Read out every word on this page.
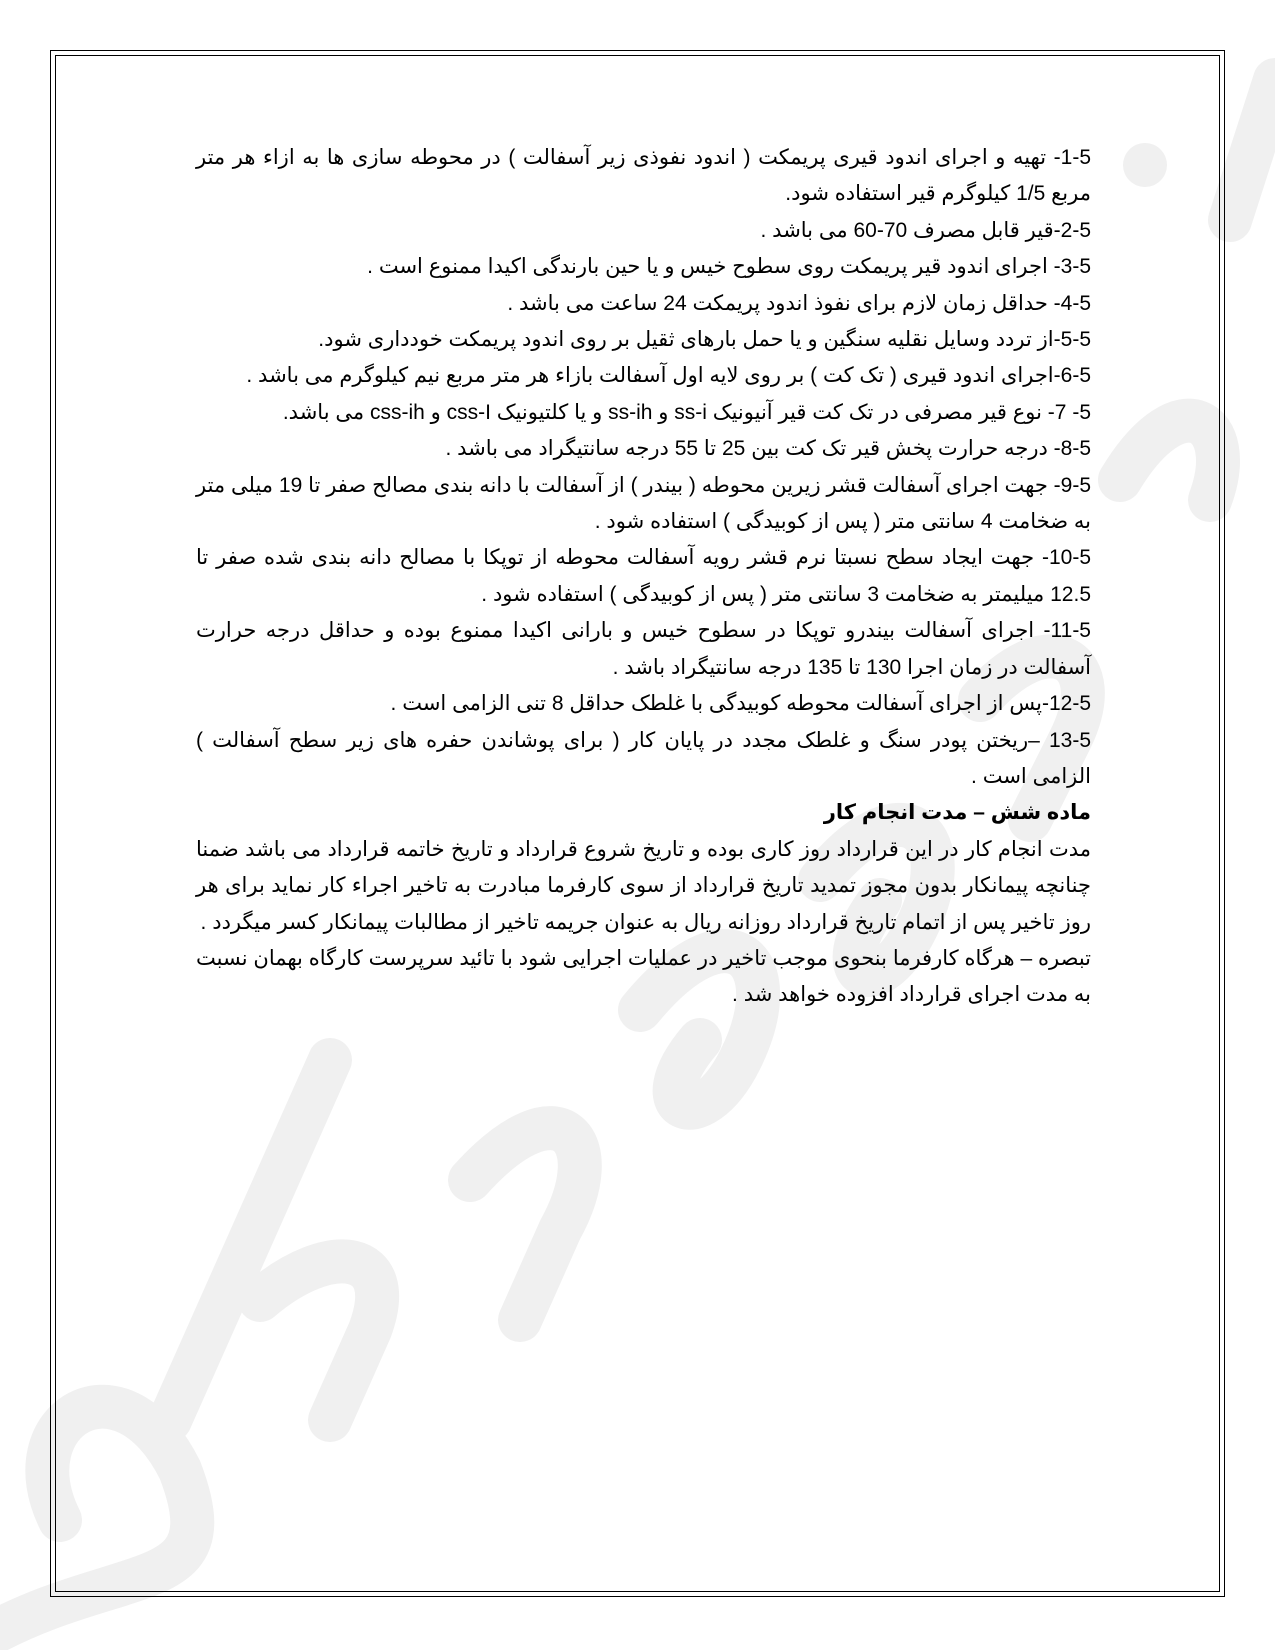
1-5- تهیه و اجرای اندود قیری پریمکت ( اندود نفوذی زیر آسفالت ) در محوطه سازی ها به ازاء هر متر مربع 1/5 کیلوگرم قیر استفاده شود.

2-5-قیر قابل مصرف 70-60 می باشد .

3-5- اجرای اندود قیر پریمکت روی سطوح خیس و یا حین بارندگی اکیدا ممنوع است .

4-5- حداقل زمان لازم برای نفوذ اندود پریمکت 24 ساعت می باشد .

5-5-از تردد وسایل نقلیه سنگین و یا حمل بارهای ثقیل بر روی اندود پریمکت خودداری شود.

6-5-اجرای اندود قیری ( تک کت ) بر روی لایه اول آسفالت بازاء هر متر مربع نیم کیلوگرم می باشد .

5- 7- نوع قیر مصرفی در تک کت قیر آنیونیک ss-i و ss-ih و یا کلتیونیک css-I و css-ih می باشد.

8-5- درجه حرارت پخش قیر تک کت بین 25 تا 55 درجه سانتیگراد می باشد .

9-5- جهت اجرای آسفالت قشر زیرین محوطه ( بیندر ) از آسفالت با دانه بندی مصالح صفر تا 19 میلی متر به ضخامت 4 سانتی متر ( پس از کوبیدگی ) استفاده شود .

10-5- جهت ایجاد سطح نسبتا نرم قشر رویه آسفالت محوطه از توپکا با مصالح دانه بندی شده صفر تا 12.5 میلیمتر به ضخامت 3 سانتی متر ( پس از کوبیدگی ) استفاده شود .

11-5- اجرای آسفالت بیندرو توپکا در سطوح خیس و بارانی اکیدا ممنوع بوده و حداقل درجه حرارت آسفالت در زمان اجرا 130 تا 135 درجه سانتیگراد باشد .

12-5-پس از اجرای آسفالت محوطه کوبیدگی با غلطک حداقل 8 تنی الزامی است .

13-5 –ریختن پودر سنگ و غلطک مجدد در پایان کار ( برای پوشاندن حفره های زیر سطح آسفالت ) الزامی است .

ماده شش – مدت انجام کار

مدت انجام کار در این قرارداد روز کاری بوده و تاریخ شروع قرارداد و تاریخ خاتمه قرارداد می باشد ضمنا چنانچه پیمانکار بدون مجوز تمدید تاریخ قرارداد از سوی کارفرما مبادرت به تاخیر اجراء کار نماید برای هر روز تاخیر پس از اتمام تاریخ قرارداد روزانه ریال به عنوان جریمه تاخیر از مطالبات پیمانکار کسر میگردد .

تبصره – هرگاه کارفرما بنحوی موجب تاخیر در عملیات اجرایی شود با تائید سرپرست کارگاه بهمان نسبت به مدت اجرای قرارداد افزوده خواهد شد .
